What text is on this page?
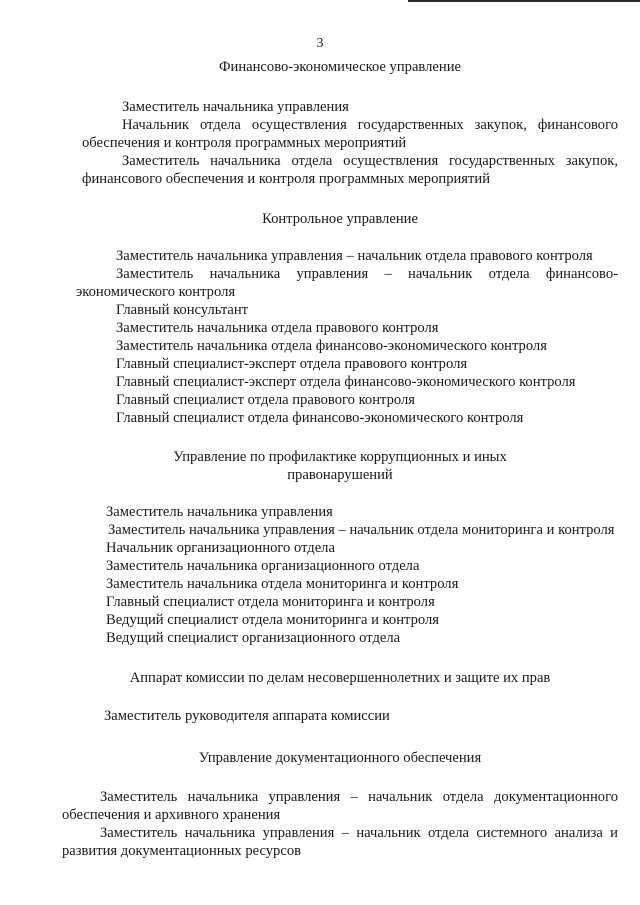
3
Финансово-экономическое управление
Заместитель начальника управления
Начальник отдела осуществления государственных закупок, финансового обеспечения и контроля программных мероприятий
Заместитель начальника отдела осуществления государственных закупок, финансового обеспечения и контроля программных мероприятий
Контрольное управление
Заместитель начальника управления – начальник отдела правового контроля
Заместитель начальника управления – начальник отдела финансово-экономического контроля
Главный консультант
Заместитель начальника отдела правового контроля
Заместитель начальника отдела финансово-экономического контроля
Главный специалист-эксперт отдела правового контроля
Главный специалист-эксперт отдела финансово-экономического контроля
Главный специалист отдела правового контроля
Главный специалист отдела финансово-экономического контроля
Управление по профилактике коррупционных и иных правонарушений
Заместитель начальника управления
Заместитель начальника управления – начальник отдела мониторинга и контроля
Начальник организационного отдела
Заместитель начальника организационного отдела
Заместитель начальника отдела мониторинга и контроля
Главный специалист отдела мониторинга и контроля
Ведущий специалист отдела мониторинга и контроля
Ведущий специалист организационного отдела
Аппарат комиссии по делам несовершеннолетних и защите их прав
Заместитель руководителя аппарата комиссии
Управление документационного обеспечения
Заместитель начальника управления – начальник отдела документационного обеспечения и архивного хранения
Заместитель начальника управления – начальник отдела системного анализа и развития документационных ресурсов
